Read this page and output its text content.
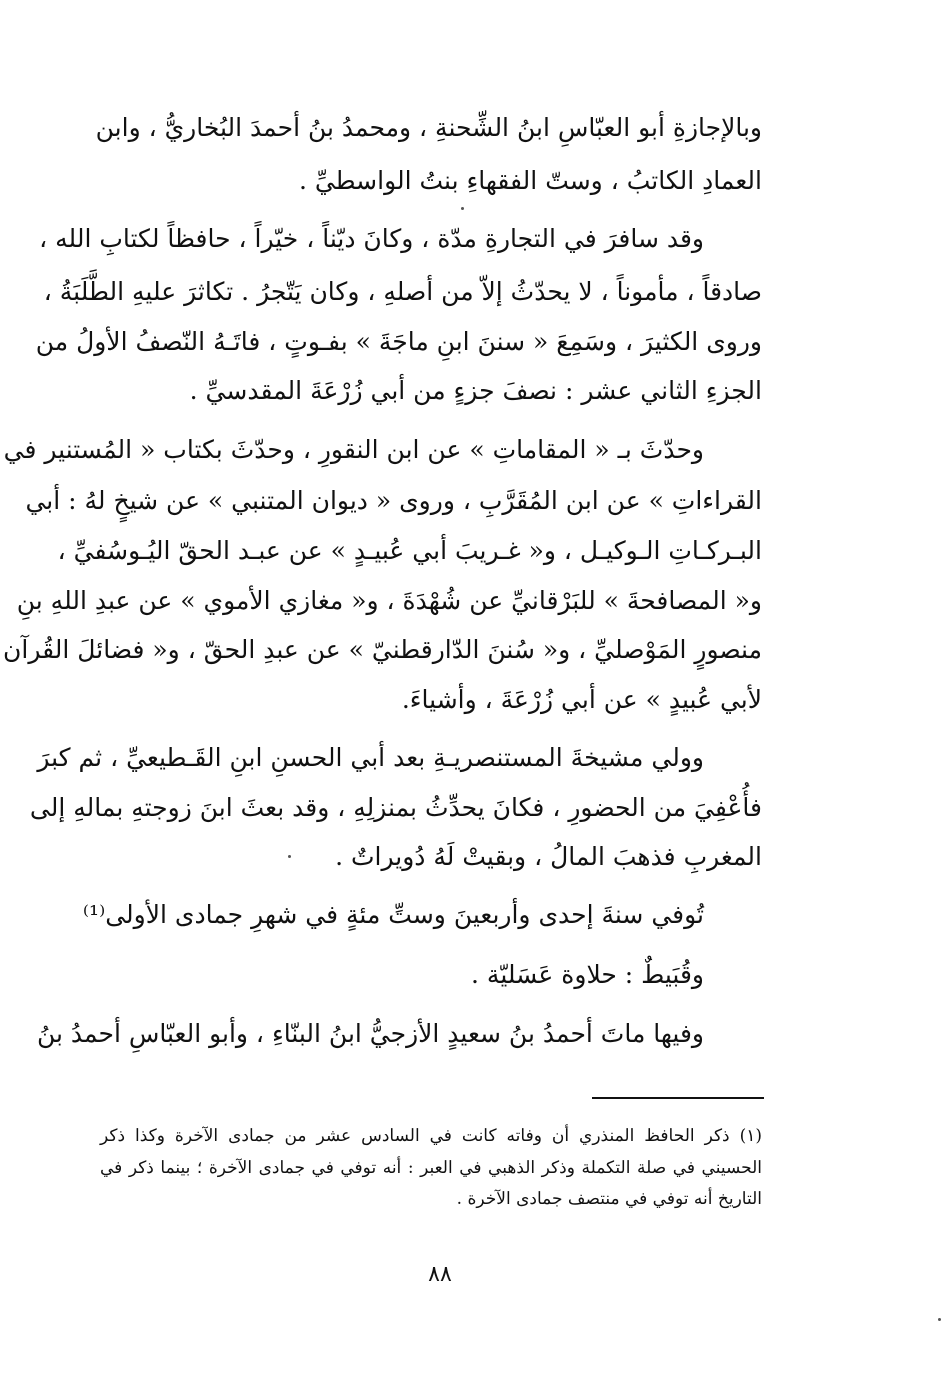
وبالإجازةِ أبو العبّاسِ ابنُ الشِّحنةِ ، ومحمدُ بنُ أحمدَ البُخاريُّ ، وابن
العمادِ الكاتبُ ، وستّ الفقهاءِ بنتُ الواسطيِّ .
وقد سافرَ في التجارةِ مدّة ، وكانَ ديّناً ، خيّراً ، حافظاً لكتابِ الله ،
صادقاً ، مأموناً ، لا يحدّثُ إلاّ من أصلهِ ، وكان يَتّجرُ . تكاثرَ عليهِ الطَّلَبَةُ ،
وروى الكثيرَ ، وسَمِعَ « سننَ ابنِ ماجَةَ » بفـوتٍ ، فاتَـهُ النّصفُ الأولُ من
الجزءِ الثاني عشر : نصفَ جزءٍ من أبي زُرْعَةَ المقدسيِّ .
وحدّثَ بـ « المقاماتِ » عن ابن النقورِ ، وحدّثَ بكتاب « المُستنير في
القراءاتِ » عن ابن المُقَرَّبِ ، وروى « ديوان المتنبي » عن شيخٍ لهُ : أبي
البـركـاتِ الـوكيـل ، و« غـريبَ أبي عُبيـدٍ » عن عبـد الحقّ اليُـوسُفيِّ ،
و« المصافحةَ » للبَرْقانيِّ عن شُهْدَةَ ، و« مغازي الأموي » عن عبدِ اللهِ بنِ
منصورٍ المَوْصليِّ ، و« سُننَ الدّارقطنيّ » عن عبدِ الحقّ ، و« فضائلَ القُرآن
لأبي عُبيدٍ » عن أبي زُرْعَةَ ، وأشياءَ.
وولي مشيخةَ المستنصريـةِ بعد أبي الحسنِ ابنِ القَـطيعيِّ ، ثم كبرَ
فأُعْفِيَ من الحضورِ ، فكانَ يحدِّثُ بمنزلِهِ ، وقد بعثَ ابنَ زوجتهِ بمالهِ إلى
المغربِ فذهبَ المالُ ، وبقيتْ لَهُ دُويراتٌ .
تُوفي سنةَ إحدى وأربعينَ وستِّ مئةٍ في شهرِ جمادى الأولى⁽¹⁾
وقُبَيطٌ : حلاوة عَسَليّة .
وفيها ماتَ أحمدُ بنُ سعيدٍ الأزجيُّ ابنُ البنّاءِ ، وأبو العبّاسِ أحمدُ بنُ
(١) ذكر الحافظ المنذري أن وفاته كانت في السادس عشر من جمادى الآخرة وكذا ذكر
الحسيني في صلة التكملة وذكر الذهبي في العبر : أنه توفي في جمادى الآخرة ؛ بينما ذكر في
التاريخ أنه توفي في منتصف جمادى الآخرة .
٨٨
